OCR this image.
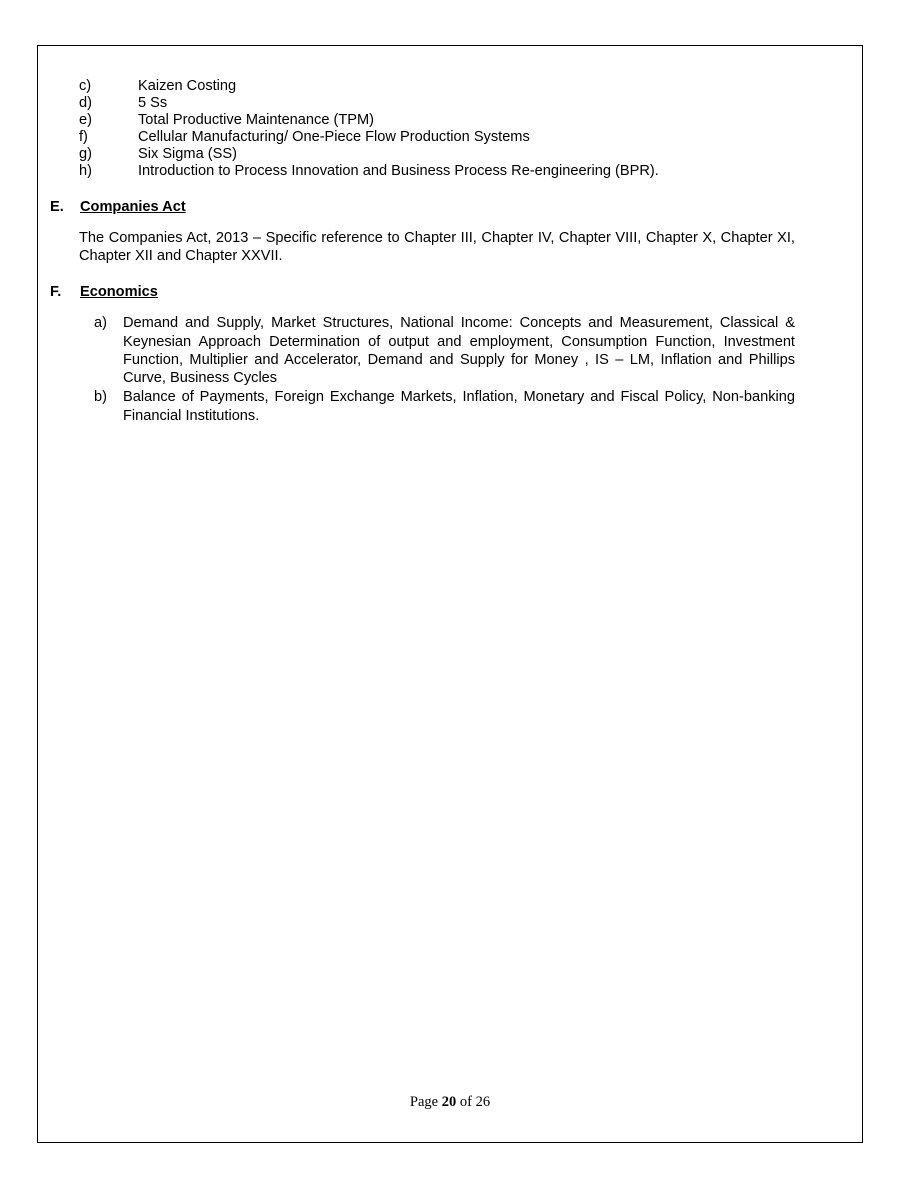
c)	Kaizen Costing
d)	5 Ss
e)	Total Productive Maintenance (TPM)
f)	Cellular Manufacturing/ One-Piece Flow Production Systems
g)	Six Sigma (SS)
h)	Introduction to Process Innovation and Business Process Re-engineering (BPR).
E.	Companies Act
The Companies Act, 2013 – Specific reference to Chapter III, Chapter IV, Chapter VIII, Chapter X, Chapter XI, Chapter XII and Chapter XXVII.
F.	Economics
a)	Demand and Supply, Market Structures, National Income: Concepts and Measurement, Classical & Keynesian Approach Determination of output and employment, Consumption Function, Investment Function, Multiplier and Accelerator, Demand and Supply for Money , IS – LM, Inflation and Phillips Curve, Business Cycles
b)	Balance of Payments, Foreign Exchange Markets, Inflation, Monetary and Fiscal Policy, Non-banking Financial Institutions.
Page 20 of 26
